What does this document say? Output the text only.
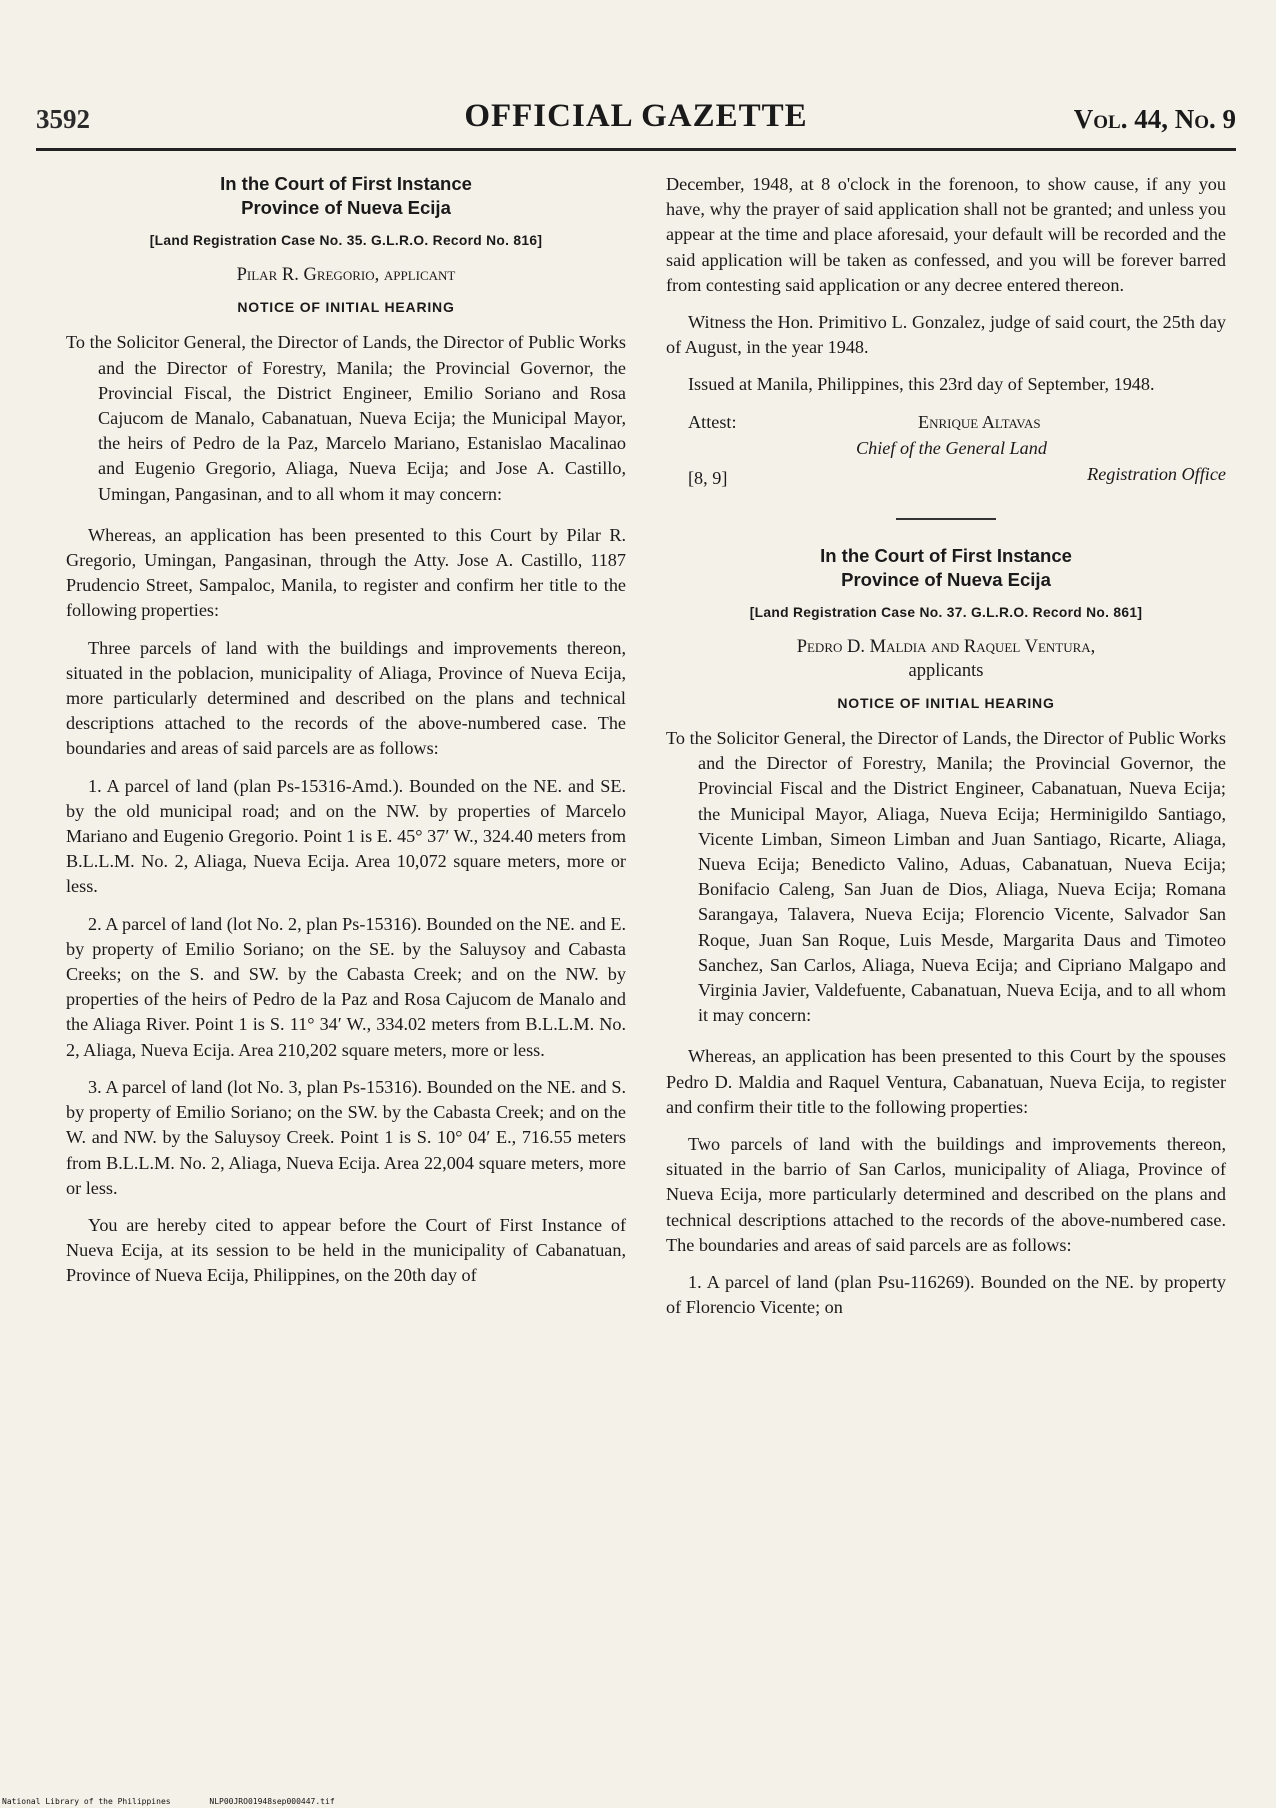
3592	OFFICIAL GAZETTE	Vol. 44, No. 9
In the Court of First Instance
Province of Nueva Ecija
[Land Registration Case No. 35. G.L.R.O. Record No. 816]
Pilar R. Gregorio, applicant
NOTICE OF INITIAL HEARING

To the Solicitor General, the Director of Lands, the Director of Public Works and the Director of Forestry, Manila; the Provincial Governor, the Provincial Fiscal, the District Engineer, Emilio Soriano and Rosa Cajucom de Manalo, Cabanatuan, Nueva Ecija; the Municipal Mayor, the heirs of Pedro de la Paz, Marcelo Mariano, Estanislao Macalinao and Eugenio Gregorio, Aliaga, Nueva Ecija; and Jose A. Castillo, Umingan, Pangasinan, and to all whom it may concern:

Whereas, an application has been presented to this Court by Pilar R. Gregorio, Umingan, Pangasinan, through the Atty. Jose A. Castillo, 1187 Prudencio Street, Sampaloc, Manila, to register and confirm her title to the following properties:

Three parcels of land with the buildings and improvements thereon, situated in the poblacion, municipality of Aliaga, Province of Nueva Ecija, more particularly determined and described on the plans and technical descriptions attached to the records of the above-numbered case. The boundaries and areas of said parcels are as follows:

1. A parcel of land (plan Ps-15316-Amd.). Bounded on the NE. and SE. by the old municipal road; and on the NW. by properties of Marcelo Mariano and Eugenio Gregorio. Point 1 is E. 45° 37′ W., 324.40 meters from B.L.L.M. No. 2, Aliaga, Nueva Ecija. Area 10,072 square meters, more or less.

2. A parcel of land (lot No. 2, plan Ps-15316). Bounded on the NE. and E. by property of Emilio Soriano; on the SE. by the Saluysoy and Cabasta Creeks; on the S. and SW. by the Cabasta Creek; and on the NW. by properties of the heirs of Pedro de la Paz and Rosa Cajucom de Manalo and the Aliaga River. Point 1 is S. 11° 34′ W., 334.02 meters from B.L.L.M. No. 2, Aliaga, Nueva Ecija. Area 210,202 square meters, more or less.

3. A parcel of land (lot No. 3, plan Ps-15316). Bounded on the NE. and S. by property of Emilio Soriano; on the SW. by the Cabasta Creek; and on the W. and NW. by the Saluysoy Creek. Point 1 is S. 10° 04′ E., 716.55 meters from B.L.L.M. No. 2, Aliaga, Nueva Ecija. Area 22,004 square meters, more or less.

You are hereby cited to appear before the Court of First Instance of Nueva Ecija, at its session to be held in the municipality of Cabanatuan, Province of Nueva Ecija, Philippines, on the 20th day of

December, 1948, at 8 o'clock in the forenoon, to show cause, if any you have, why the prayer of said application shall not be granted; and unless you appear at the time and place aforesaid, your default will be recorded and the said application will be taken as confessed, and you will be forever barred from contesting said application or any decree entered thereon.

Witness the Hon. Primitivo L. Gonzalez, judge of said court, the 25th day of August, in the year 1948.

Issued at Manila, Philippines, this 23rd day of September, 1948.

Attest:
[8, 9]
Enrique Altavas
Chief of the General Land
Registration Office
In the Court of First Instance
Province of Nueva Ecija
[Land Registration Case No. 37. G.L.R.O. Record No. 861]
Pedro D. Maldia and Raquel Ventura,
applicants
NOTICE OF INITIAL HEARING

To the Solicitor General, the Director of Lands, the Director of Public Works and the Director of Forestry, Manila; the Provincial Governor, the Provincial Fiscal and the District Engineer, Cabanatuan, Nueva Ecija; the Municipal Mayor, Aliaga, Nueva Ecija; Herminigildo Santiago, Vicente Limban, Simeon Limban and Juan Santiago, Ricarte, Aliaga, Nueva Ecija; Benedicto Valino, Aduas, Cabanatuan, Nueva Ecija; Bonifacio Caleng, San Juan de Dios, Aliaga, Nueva Ecija; Romana Sarangaya, Talavera, Nueva Ecija; Florencio Vicente, Salvador San Roque, Juan San Roque, Luis Mesde, Margarita Daus and Timoteo Sanchez, San Carlos, Aliaga, Nueva Ecija; and Cipriano Malgapo and Virginia Javier, Valdefuente, Cabanatuan, Nueva Ecija, and to all whom it may concern:

Whereas, an application has been presented to this Court by the spouses Pedro D. Maldia and Raquel Ventura, Cabanatuan, Nueva Ecija, to register and confirm their title to the following properties:

Two parcels of land with the buildings and improvements thereon, situated in the barrio of San Carlos, municipality of Aliaga, Province of Nueva Ecija, more particularly determined and described on the plans and technical descriptions attached to the records of the above-numbered case. The boundaries and areas of said parcels are as follows:

1. A parcel of land (plan Psu-116269). Bounded on the NE. by property of Florencio Vicente; on

National Library of the Philippines	NLP00JRO01948sep000447.tif
